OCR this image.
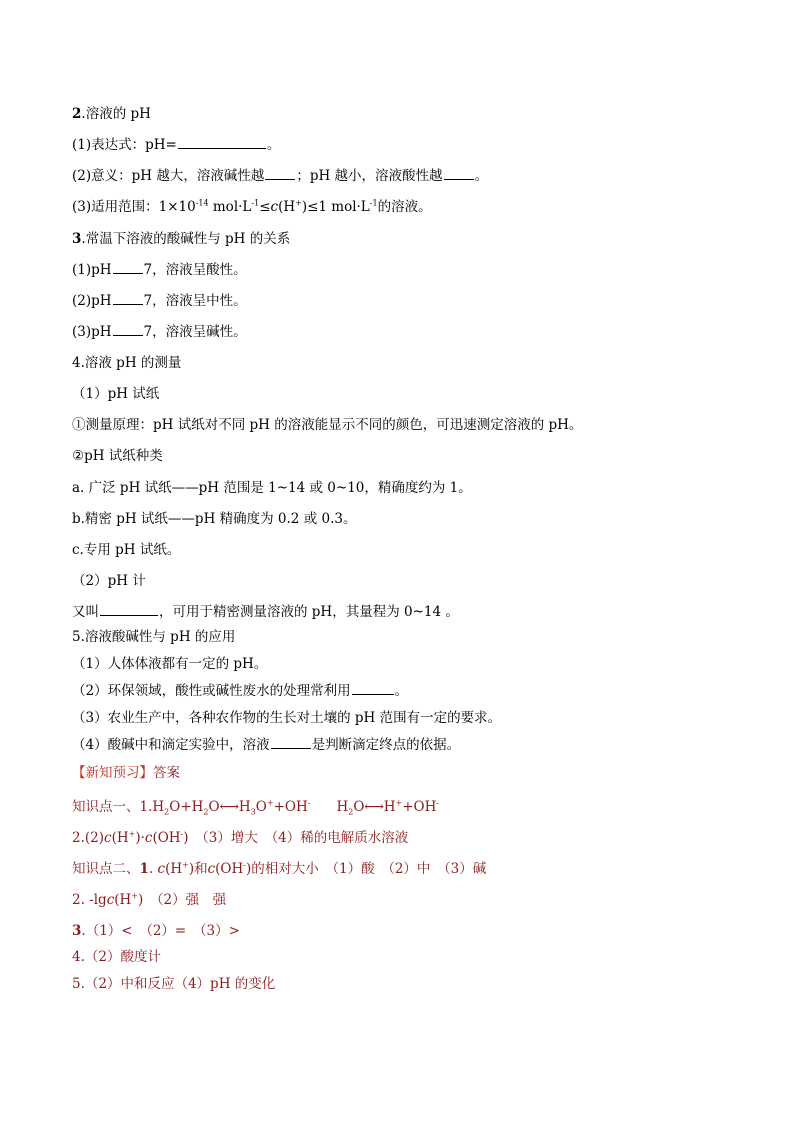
2.溶液的 pH
(1)表达式：pH=	。
(2)意义：pH 越大，溶液碱性越 ；pH 越小，溶液酸性越 。
(3)适用范围：$1\times 10^{-14}$ $mol\cdot L^{-1}\le c(H^+)\le 1$ $mol\cdot L^{-1}$的溶液。
3.常温下溶液的酸碱性与 pH 的关系
(1)pH 7，溶液呈酸性。
(2)pH 7，溶液呈中性。
(3)pH 7，溶液呈碱性。
4.溶液 pH 的测量
（1）pH 试纸
①测量原理：pH 试纸对不同 pH 的溶液能显示不同的颜色，可迅速测定溶液的 pH。
②pH 试纸种类
a. 广泛 pH 试纸——pH 范围是 1~14 或 0~10，精确度约为 1。
b.精密 pH 试纸——pH 精确度为 0.2 或 0.3。
c.专用 pH 试纸。
（2）pH 计
又叫	，可用于精密测量溶液的 pH，其量程为 0~14 。
5.溶液酸碱性与 pH 的应用
（1）人体体液都有一定的 pH。
（2）环保领域，酸性或碱性废水的处理常利用	。
（3）农业生产中，各种农作物的生长对土壤的 pH 范围有一定的要求。
（4）酸碱中和滴定实验中，溶液	是判断滴定终点的依据。
【新知预习】答案
知识点一、$1.H_2O+H_2O⟷H_3O^++OH^-$ $H_2O⟷H^++OH^-$
2.(2)c(H+)·c(OH-)　（3）增大　（4）稀的电解质水溶液
知识点二、1. c(H+)和c(OH-)的相对大小　（1）酸　（2）中　（3）碱
2. -lgc(H+)　（2）强　强
3.（1）<　（2）=　（3）>
4.（2）酸度计
5.（2）中和反应（4）pH 的变化
